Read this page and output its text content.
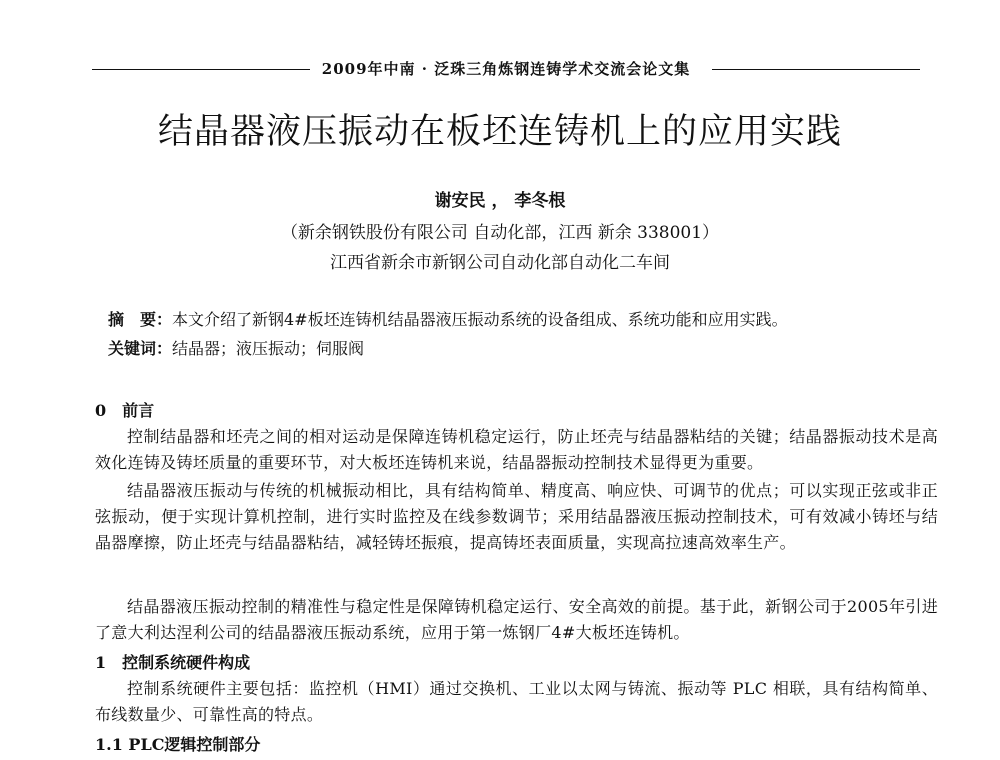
2009年中南 · 泛珠三角炼钢连铸学术交流会论文集
结晶器液压振动在板坯连铸机上的应用实践
谢安民 ， 李冬根
（新余钢铁股份有限公司 自动化部，江西 新余 338001）
江西省新余市新钢公司自动化部自动化二车间
摘　要：本文介绍了新钢4#板坯连铸机结晶器液压振动系统的设备组成、系统功能和应用实践。
关键词：结晶器；液压振动；伺服阀
0　前言
控制结晶器和坯壳之间的相对运动是保障连铸机稳定运行，防止坯壳与结晶器粘结的关键；结晶器振动技术是高效化连铸及铸坯质量的重要环节，对大板坯连铸机来说，结晶器振动控制技术显得更为重要。
结晶器液压振动与传统的机械振动相比，具有结构简单、精度高、响应快、可调节的优点；可以实现正弦或非正弦振动，便于实现计算机控制，进行实时监控及在线参数调节；采用结晶器液压振动控制技术，可有效减小铸坯与结晶器摩擦，防止坯壳与结晶器粘结，减轻铸坯振痕，提高铸坯表面质量，实现高拉速高效率生产。
结晶器液压振动控制的精准性与稳定性是保障铸机稳定运行、安全高效的前提。基于此，新钢公司于2005年引进了意大利达涅利公司的结晶器液压振动系统，应用于第一炼钢厂4#大板坯连铸机。
1　控制系统硬件构成
控制系统硬件主要包括：监控机（HMI）通过交换机、工业以太网与铸流、振动等 PLC 相联，具有结构简单、布线数量少、可靠性高的特点。
1.1 PLC逻辑控制部分
